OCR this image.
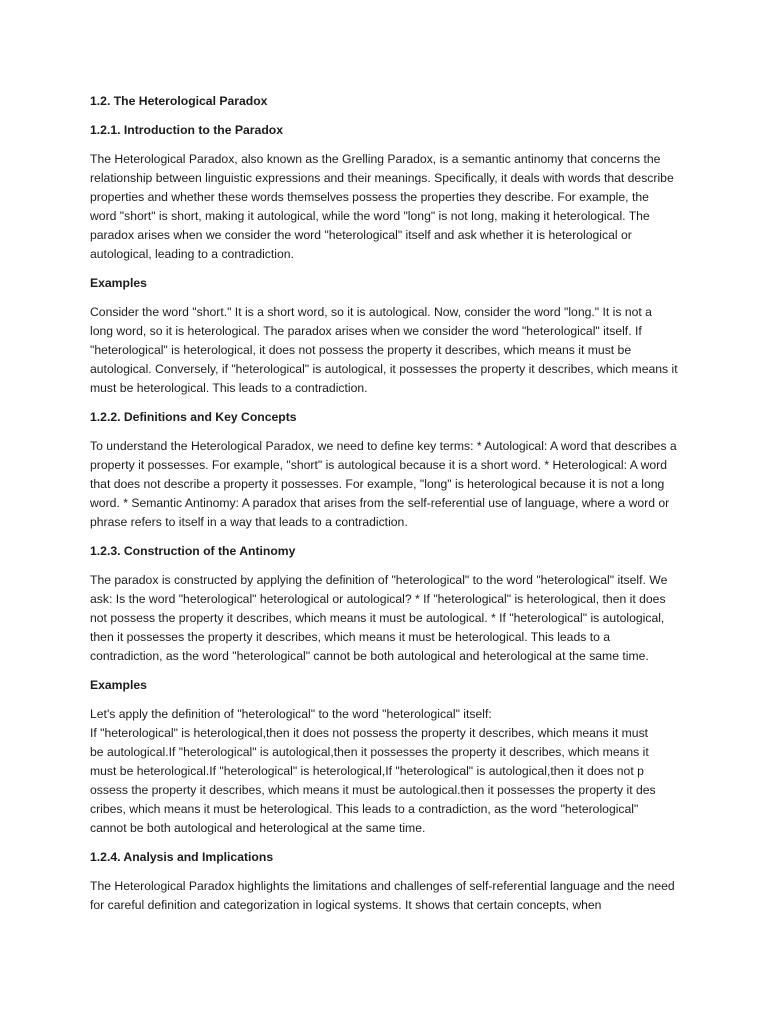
1.2. The Heterological Paradox
1.2.1. Introduction to the Paradox
The Heterological Paradox, also known as the Grelling Paradox, is a semantic antinomy that concerns the relationship between linguistic expressions and their meanings. Specifically, it deals with words that describe properties and whether these words themselves possess the properties they describe. For example, the word "short" is short, making it autological, while the word "long" is not long, making it heterological. The paradox arises when we consider the word "heterological" itself and ask whether it is heterological or autological, leading to a contradiction.
Examples
Consider the word "short." It is a short word, so it is autological. Now, consider the word "long." It is not a long word, so it is heterological. The paradox arises when we consider the word "heterological" itself. If "heterological" is heterological, it does not possess the property it describes, which means it must be autological. Conversely, if "heterological" is autological, it possesses the property it describes, which means it must be heterological. This leads to a contradiction.
1.2.2. Definitions and Key Concepts
To understand the Heterological Paradox, we need to define key terms: * Autological: A word that describes a property it possesses. For example, "short" is autological because it is a short word. * Heterological: A word that does not describe a property it possesses. For example, "long" is heterological because it is not a long word. * Semantic Antinomy: A paradox that arises from the self-referential use of language, where a word or phrase refers to itself in a way that leads to a contradiction.
1.2.3. Construction of the Antinomy
The paradox is constructed by applying the definition of "heterological" to the word "heterological" itself. We ask: Is the word "heterological" heterological or autological? * If "heterological" is heterological, then it does not possess the property it describes, which means it must be autological. * If "heterological" is autological, then it possesses the property it describes, which means it must be heterological. This leads to a contradiction, as the word "heterological" cannot be both autological and heterological at the same time.
Examples
Let's apply the definition of "heterological" to the word "heterological" itself:
If "heterological" is heterological,then it does not possess the property it describes, which means it must
be autological.If "heterological" is autological,then it possesses the property it describes, which means it
must be heterological.If "heterological" is heterological,If "heterological" is autological,then it does not p
ossess the property it describes, which means it must be autological.then it possesses the property it des
cribes, which means it must be heterological. This leads to a contradiction, as the word "heterological"
cannot be both autological and heterological at the same time.
1.2.4. Analysis and Implications
The Heterological Paradox highlights the limitations and challenges of self-referential language and the need for careful definition and categorization in logical systems. It shows that certain concepts, when
